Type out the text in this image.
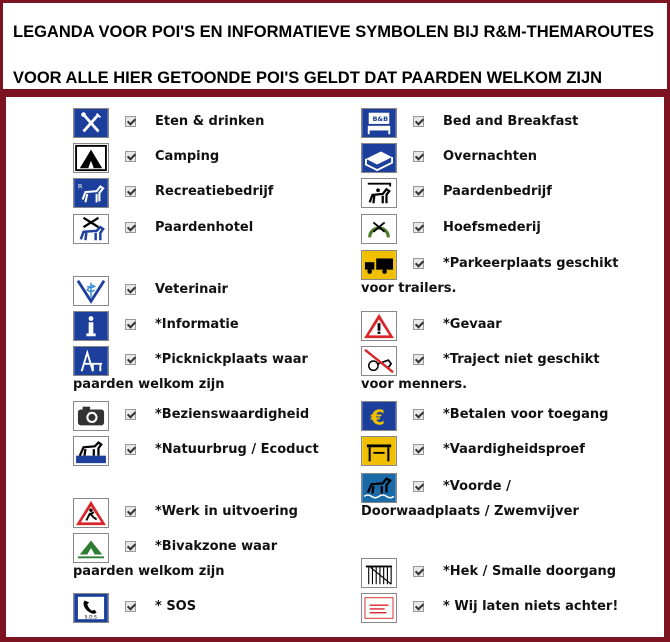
LEGANDA VOOR POI'S EN INFORMATIEVE SYMBOLEN BIJ R&M-THEMAROUTES
VOOR ALLE HIER GETOONDE POI'S GELDT DAT PAARDEN WELKOM ZIJN
Eten & drinken
Camping
R	Recreatiebedrijf
Paardenhotel
Veterinair
*Informatie
*Picknickplaats waar
paarden welkom zijn
*Bezienswaardigheid
*Natuurbrug / Ecoduct
*Werk in uitvoering
*Bivakzone waar
paarden welkom zijn
S.O.S
* SOS
B&B	Bed and Breakfast
Overnachten
Paardenbedrijf
Hoefsmederij
*Parkeerplaats geschikt
voor trailers.
*Gevaar
*Traject niet geschikt
voor menners.
€	*Betalen voor toegang
*Vaardigheidsproef
*Voorde /
Doorwaadplaats / Zwemvijver
*Hek / Smalle doorgang
* Wij laten niets achter!
